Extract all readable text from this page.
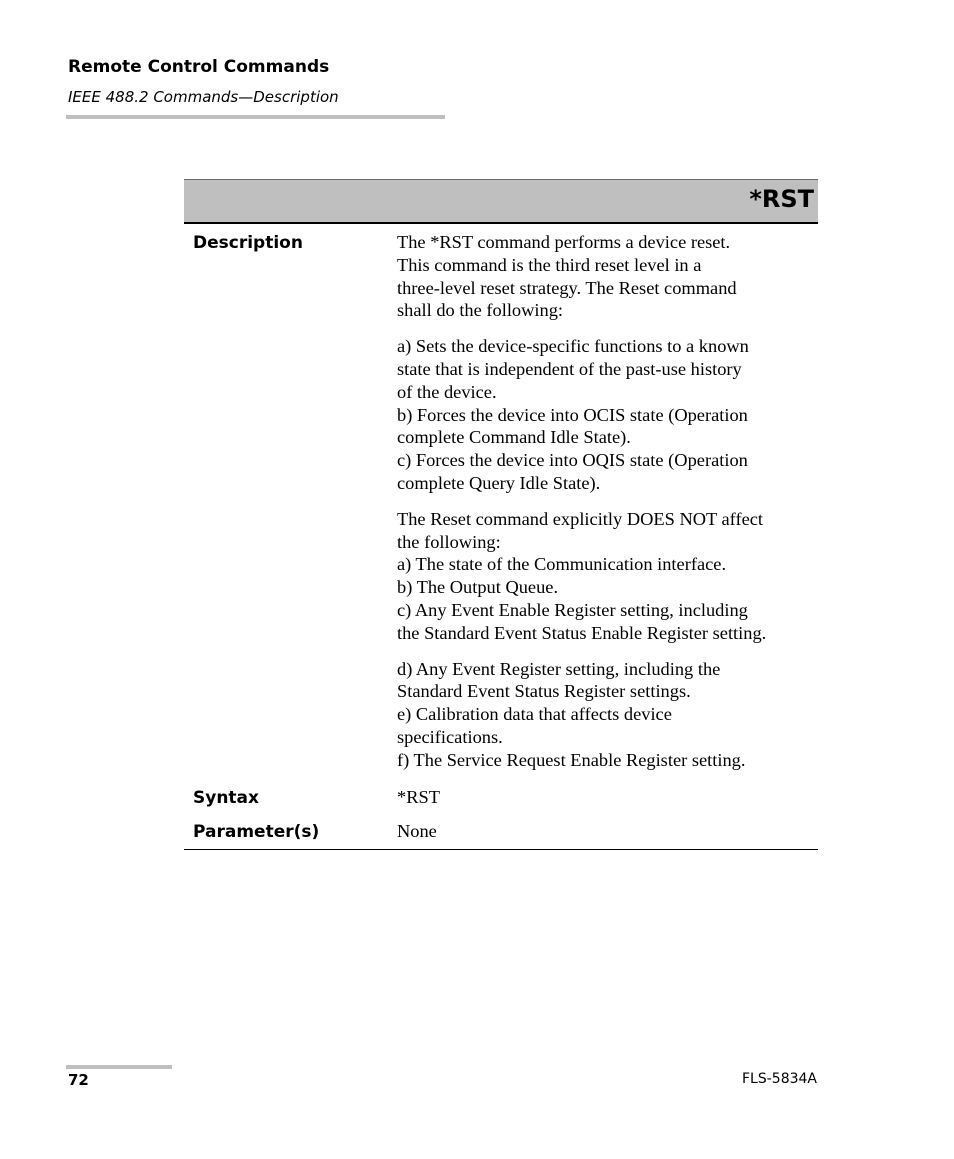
Remote Control Commands
IEEE 488.2 Commands—Description
*RST
Description	The *RST command performs a device reset.
This command is the third reset level in a
three-level reset strategy. The Reset command
shall do the following:

a) Sets the device-specific functions to a known
state that is independent of the past-use history
of the device.
b) Forces the device into OCIS state (Operation
complete Command Idle State).
c) Forces the device into OQIS state (Operation
complete Query Idle State).

The Reset command explicitly DOES NOT affect
the following:
a) The state of the Communication interface.
b) The Output Queue.
c) Any Event Enable Register setting, including
the Standard Event Status Enable Register setting.

d) Any Event Register setting, including the
Standard Event Status Register settings.
e) Calibration data that affects device
specifications.
f) The Service Request Enable Register setting.

Syntax	*RST
Parameter(s)	None
72	FLS-5834A
